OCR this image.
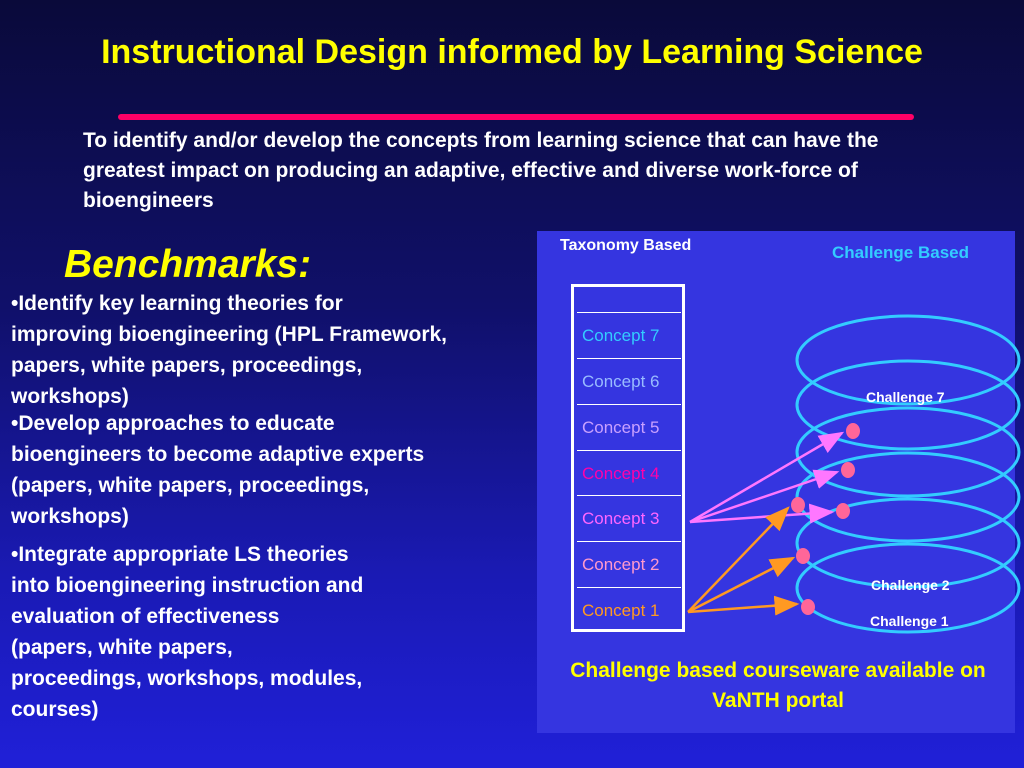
Instructional Design informed by Learning Science

To identify and/or develop the concepts from learning science that can have the greatest impact on producing an adaptive, effective and diverse work-force of bioengineers

Benchmarks:

•Identify key learning theories for
improving bioengineering (HPL Framework,
papers, white papers, proceedings,
workshops)

•Develop approaches to educate
bioengineers to become adaptive experts
(papers, white papers, proceedings,
workshops)

•Integrate appropriate LS theories
into bioengineering instruction and
evaluation of effectiveness
(papers, white papers,
proceedings, workshops, modules,
courses)

Taxonomy Based	Challenge Based
Concept 7
Concept 6
Concept 5
Concept 4
Concept 3
Concept 2
Concept 1
Challenge 7
Challenge 2
Challenge 1

Challenge based courseware available on VaNTH portal
